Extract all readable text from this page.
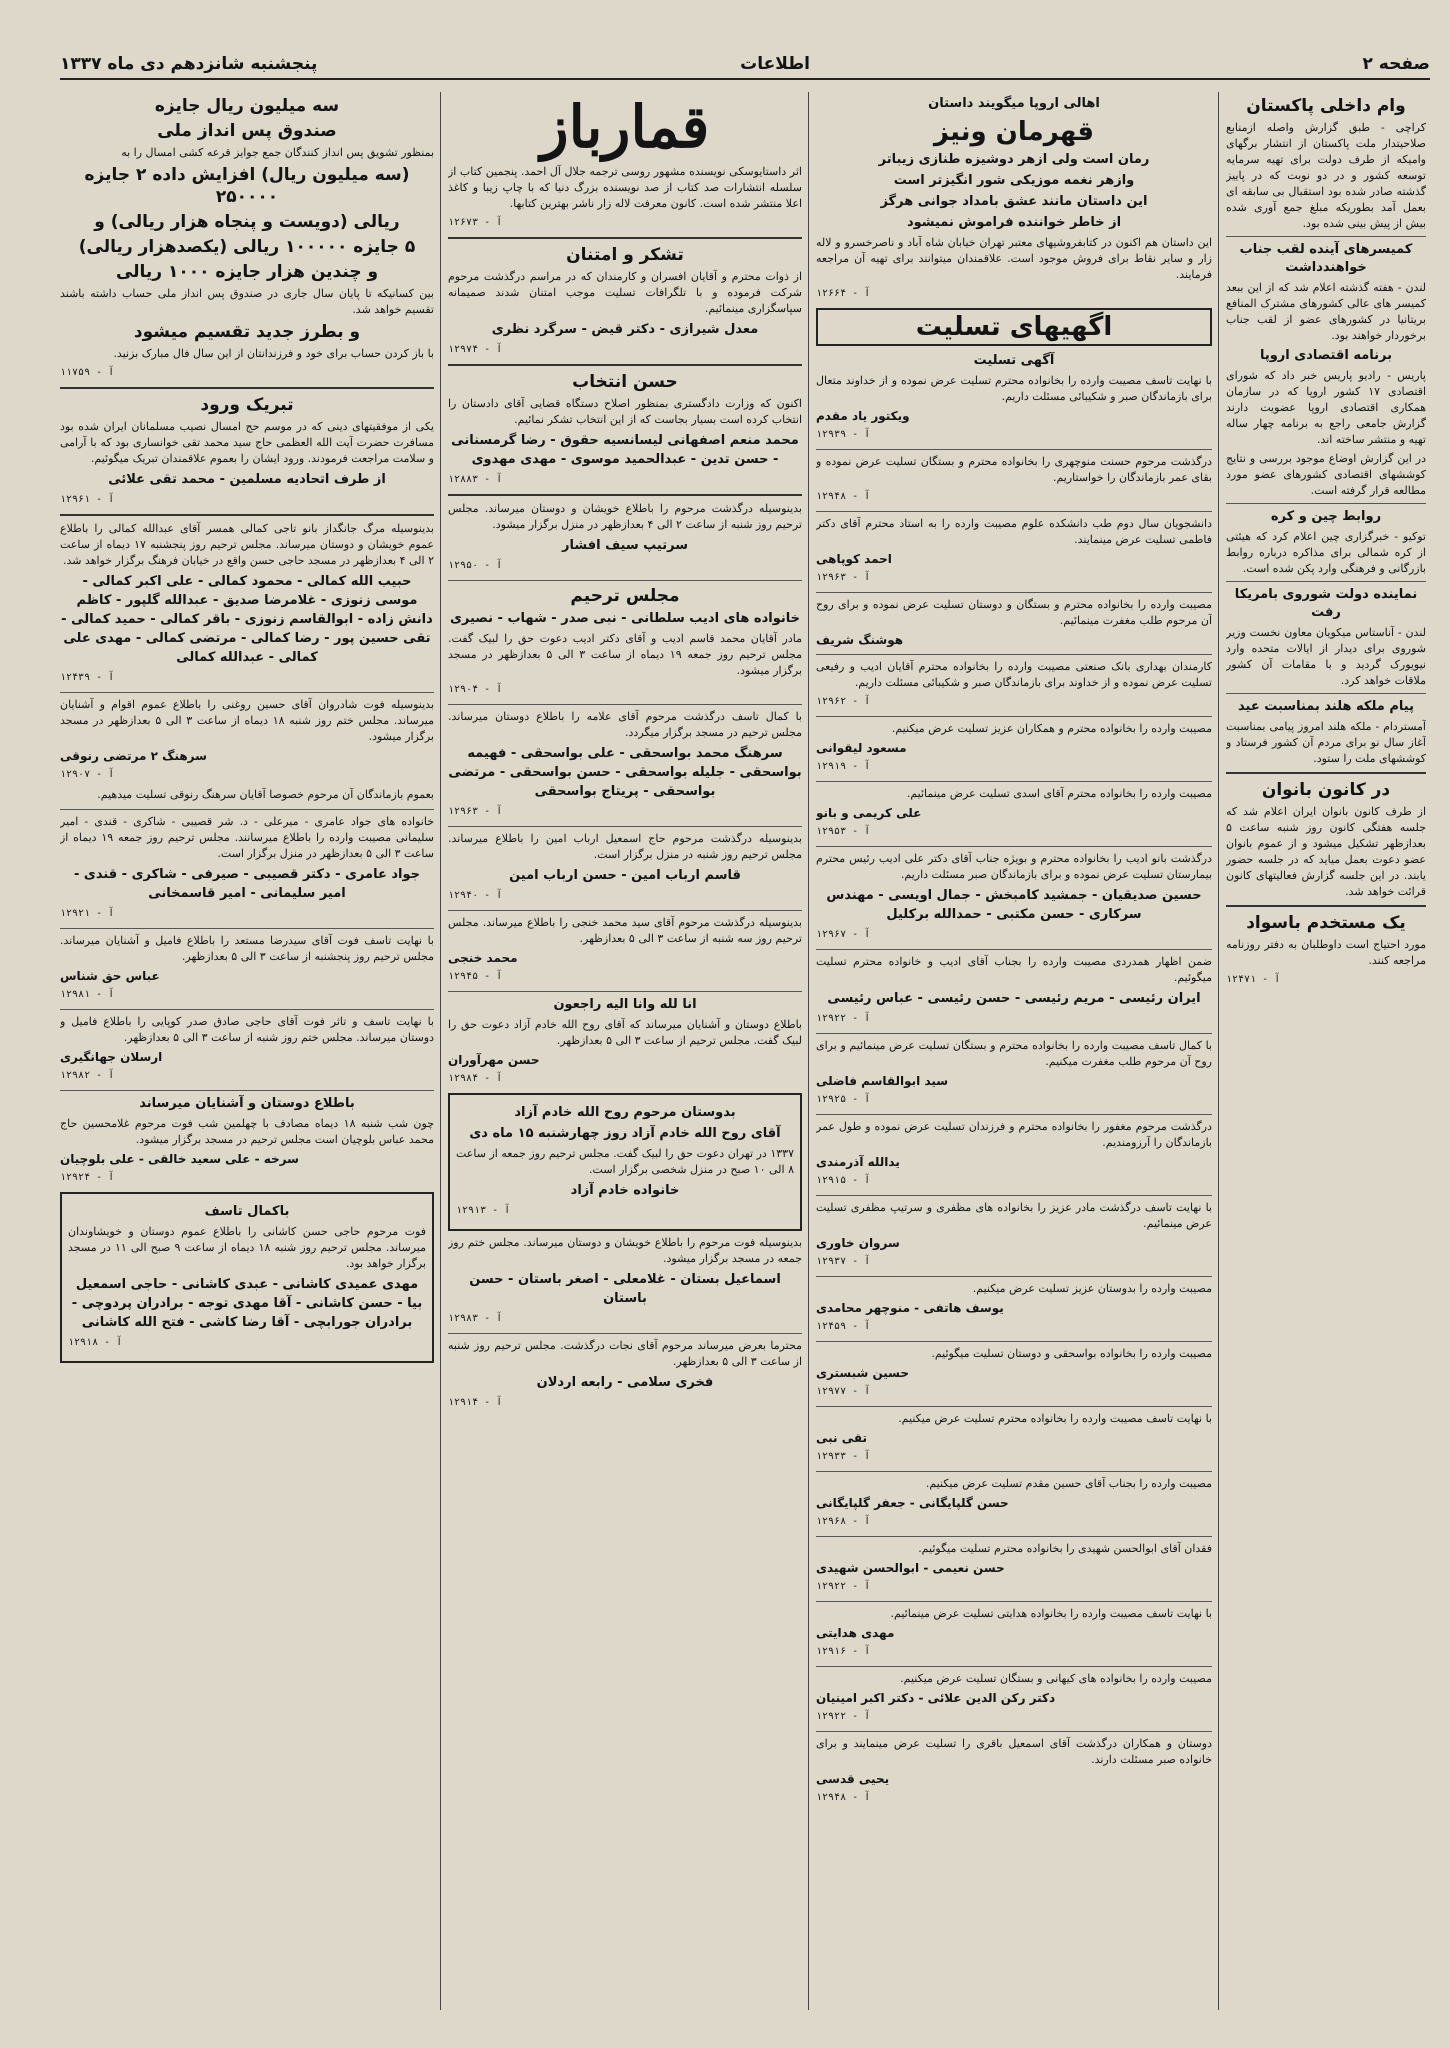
صفحه ۲
اطلاعات
پنجشنبه شانزدهم دی ماه ۱۳۳۷
وام داخلی پاکستان
کراچی - طبق گزارش واصله ازمنابع صلاحیتدار ملت پاکستان از انتشار برگهای وامیکه از طرف دولت برای تهیه سرمایه توسعه کشور و در دو نوبت که در پاییز گذشته صادر شده بود استقبال بی سابقه ای بعمل آمد بطوریکه مبلغ جمع آوری شده بیش از پیش بینی شده بود.
کمیسرهای آینده لقب جناب خواهندداشت
لندن - هفته گذشته اعلام شد که از این ببعد کمیسر های عالی کشورهای مشترک المنافع بریتانیا در کشورهای عضو از لقب جناب برخوردار خواهند بود.
برنامه اقتصادی اروپا
پاریس - رادیو پاریس خبر داد که شورای اقتصادی ۱۷ کشور اروپا که در سازمان همکاری اقتصادی اروپا عضویت دارند گزارش جامعی راجع به برنامه چهار ساله تهیه و منتشر ساخته اند.
در این گزارش اوضاع موجود بررسی و نتایج کوششهای اقتصادی کشورهای عضو مورد مطالعه قرار گرفته است.
روابط چین و کره
توکیو - خبرگزاری چین اعلام کرد که هیئتی از کره شمالی برای مذاکره درباره روابط بازرگانی و فرهنگی وارد پکن شده است.
نماینده دولت شوروی بامریکا رفت
لندن - آناستاس میکویان معاون نخست وزیر شوروی برای دیدار از ایالات متحده وارد نیویورک گردید و با مقامات آن کشور ملاقات خواهد کرد.
پیام ملکه هلند بمناسبت عید
آمستردام - ملکه هلند امروز پیامی بمناسبت آغاز سال نو برای مردم آن کشور فرستاد و کوششهای ملت را ستود.
در کانون بانوان
از طرف کانون بانوان ایران اعلام شد که جلسه هفتگی کانون روز شنبه ساعت ۵ بعدازظهر تشکیل میشود و از عموم بانوان عضو دعوت بعمل میاید که در جلسه حضور یابند. در این جلسه گزارش فعالیتهای کانون قرائت خواهد شد.
یک مستخدم باسواد
مورد احتیاج است داوطلبان به دفتر روزنامه مراجعه کنند.
۱۲۴۷۱ - آ
اهالی اروپا میگویند داستان
قهرمان ونیز
رمان است ولی ازهر دوشیزه طنازی زیباتر
وازهر نغمه موزیکی شور انگیزتر است
این داستان مانند عشق بامداد جوانی هرگز
از خاطر خواننده فراموش نمیشود
این داستان هم اکنون در کتابفروشیهای معتبر تهران خیابان شاه آباد و ناصرخسرو و لاله زار و سایر نقاط برای فروش موجود است. علاقمندان میتوانند برای تهیه آن مراجعه فرمایند.
۱۲۶۶۴ - آ
اگهیهای تسلیت
آگهی تسلیت
با نهایت تاسف مصیبت وارده را بخانواده محترم تسلیت عرض نموده و از خداوند متعال برای بازماندگان صبر و شکیبائی مسئلت داریم.
ویکتور یاد مقدم
۱۲۹۳۹ - آ
درگذشت مرحوم حسنت منوچهری را بخانواده محترم و بستگان تسلیت عرض نموده و بقای عمر بازماندگان را خواستاریم.
۱۲۹۴۸ - آ
دانشجویان سال دوم طب دانشکده علوم مصیبت وارده را به استاد محترم آقای دکتر فاطمی تسلیت عرض مینمایند.
احمد کوپاهی
۱۲۹۶۳ - آ
مصیبت وارده را بخانواده محترم و بستگان و دوستان تسلیت عرض نموده و برای روح آن مرحوم طلب مغفرت مینمائیم.
هوشنگ شریف
کارمندان بهداری بانک صنعتی مصیبت وارده را بخانواده محترم آقایان ادیب و رفیعی تسلیت عرض نموده و از خداوند برای بازماندگان صبر و شکیبائی مسئلت داریم.
۱۲۹۶۲ - آ
مصیبت وارده را بخانواده محترم و همکاران عزیز تسلیت عرض میکنیم.
مسعود لیقوانی
۱۲۹۱۹ - آ
مصیبت وارده را بخانواده محترم آقای اسدی تسلیت عرض مینمائیم.
علی کریمی و بانو
۱۲۹۵۳ - آ
درگذشت بانو ادیب را بخانواده محترم و بویژه جناب آقای دکتر علی ادیب رئیس محترم بیمارستان تسلیت عرض نموده و برای بازماندگان صبر مسئلت داریم.
حسین صدیقیان - جمشید کامبخش - جمال اویسی - مهندس سرکاری - حسن مکتبی - حمدالله برکلیل
۱۲۹۶۷ - آ
ضمن اظهار همدردی مصیبت وارده را بجناب آقای ادیب و خانواده محترم تسلیت میگوئیم.
ایران رئیسی - مریم رئیسی - حسن رئیسی - عباس رئیسی
۱۲۹۲۲ - آ
با کمال تاسف مصیبت وارده را بخانواده محترم و بستگان تسلیت عرض مینمائیم و برای روح آن مرحوم طلب مغفرت میکنیم.
سید ابوالقاسم فاضلی
۱۲۹۲۵ - آ
درگذشت مرحوم مغفور را بخانواده محترم و فرزندان تسلیت عرض نموده و طول عمر بازماندگان را آرزومندیم.
یدالله آذرمندی
۱۲۹۱۵ - آ
با نهایت تاسف درگذشت مادر عزیز را بخانواده های مظفری و سرتیپ مظفری تسلیت عرض مینمائیم.
سروان خاوری
۱۲۹۳۷ - آ
مصیبت وارده را بدوستان عزیز تسلیت عرض میکنیم.
یوسف هاتفی - منوچهر محامدی
۱۲۴۵۹ - آ
مصیبت وارده را بخانواده بواسحقی و دوستان تسلیت میگوئیم.
حسین شبستری
۱۲۹۷۷ - آ
با نهایت تاسف مصیبت وارده را بخانواده محترم تسلیت عرض میکنیم.
تقی نبی
۱۲۹۳۳ - آ
مصیبت وارده را بجناب آقای حسین مقدم تسلیت عرض میکنیم.
حسن گلپایگانی - جعفر گلپایگانی
۱۲۹۶۸ - آ
فقدان آقای ابوالحسن شهیدی را بخانواده محترم تسلیت میگوئیم.
حسن نعیمی - ابوالحسن شهیدی
۱۲۹۲۲ - آ
با نهایت تاسف مصیبت وارده را بخانواده هدایتی تسلیت عرض مینمائیم.
مهدی هدایتی
۱۲۹۱۶ - آ
مصیبت وارده را بخانواده های کیهانی و بستگان تسلیت عرض میکنیم.
دکتر رکن الدین علائی - دکتر اکبر امینیان
۱۲۹۲۲ - آ
دوستان و همکاران درگذشت آقای اسمعیل باقری را تسلیت عرض مینمایند و برای خانواده صبر مسئلت دارند.
یحیی قدسی
۱۲۹۴۸ - آ
قمارباز
اثر داستایوسکی نویسنده مشهور روسی ترجمه جلال آل احمد. پنجمین کتاب از سلسله انتشارات صد کتاب از صد نویسنده بزرگ دنیا که با چاپ زیبا و کاغذ اعلا منتشر شده است. کانون معرفت لاله زار ناشر بهترین کتابها.
۱۲۶۷۳ - آ
تشکر و امتنان
از ذوات محترم و آقایان افسران و کارمندان که در مراسم درگذشت مرحوم شرکت فرموده و با تلگرافات تسلیت موجب امتنان شدند صمیمانه سپاسگزاری مینمائیم.
معدل شیرازی - دکتر قیض - سرگرد نظری
۱۲۹۷۴ - آ
حسن انتخاب
اکنون که وزارت دادگستری بمنظور اصلاح دستگاه قضایی آقای دادستان را انتخاب کرده است بسیار بجاست که از این انتخاب تشکر نمائیم.
محمد منعم اصفهانی لیسانسیه حقوق - رضا گرمسنانی - حسن تدین - عبدالحمید موسوی - مهدی مهدوی
۱۲۸۸۳ - آ
بدینوسیله درگذشت مرحوم را باطلاع خویشان و دوستان میرساند. مجلس ترحیم روز شنبه از ساعت ۲ الی ۴ بعدازظهر در منزل برگزار میشود.
سرتیپ سیف افشار
۱۲۹۵۰ - آ
مجلس ترحیم
خانواده های ادیب سلطانی - نبی صدر - شهاب - نصیری
مادر آقایان محمد قاسم ادیب و آقای دکتر ادیب دعوت حق را لبیک گفت. مجلس ترحیم روز جمعه ۱۹ دیماه از ساعت ۳ الی ۵ بعدازظهر در مسجد برگزار میشود.
۱۲۹۰۴ - آ
با کمال تاسف درگذشت مرحوم آقای علامه را باطلاع دوستان میرساند. مجلس ترحیم در مسجد برگزار میگردد.
سرهنگ محمد بواسحقی - علی بواسحقی - فهیمه بواسحقی - جلیله بواسحقی - حسن بواسحقی - مرتضی بواسحقی - پریتاج بواسحقی
۱۲۹۶۳ - آ
بدینوسیله درگذشت مرحوم حاج اسمعیل ارباب امین را باطلاع میرساند. مجلس ترحیم روز شنبه در منزل برگزار است.
قاسم ارباب امین - حسن ارباب امین
۱۲۹۴۰ - آ
بدینوسیله درگذشت مرحوم آقای سید محمد خنجی را باطلاع میرساند. مجلس ترحیم روز سه شنبه از ساعت ۳ الی ۵ بعدازظهر.
محمد خنجی
۱۲۹۴۵ - آ
انا لله وانا الیه راجعون
باطلاع دوستان و آشنایان میرساند که آقای روح الله خادم آزاد دعوت حق را لبیک گفت. مجلس ترحیم از ساعت ۳ الی ۵ بعدازظهر.
حسن مهرآوران
۱۲۹۸۴ - آ
بدوستان مرحوم روح الله خادم آزاد
آقای روح الله خادم آزاد روز چهارشنبه ۱۵ ماه دی
۱۳۳۷ در تهران دعوت حق را لبیک گفت. مجلس ترحیم روز جمعه از ساعت ۸ الی ۱۰ صبح در منزل شخصی برگزار است.
خانواده خادم آزاد
۱۲۹۱۳ - آ
بدینوسیله فوت مرحوم را باطلاع خویشان و دوستان میرساند. مجلس ختم روز جمعه در مسجد برگزار میشود.
اسماعیل بستان - غلامعلی - اصغر باستان - حسن باستان
۱۲۹۸۳ - آ
محترما بعرض میرساند مرحوم آقای نجات درگذشت. مجلس ترحیم روز شنبه از ساعت ۳ الی ۵ بعدازظهر.
فخری سلامی - رابعه اردلان
۱۲۹۱۴ - آ
سه میلیون ریال جایزه
صندوق پس انداز ملی
بمنظور تشویق پس انداز کنندگان جمع جوایز قرعه کشی امسال را به
(سه میلیون ریال) افزایش داده ۲ جایزه ۲۵۰۰۰۰
ریالی (دویست و پنجاه هزار ریالی) و
۵ جایزه ۱۰۰۰۰۰ ریالی (یکصدهزار ریالی)
و چندین هزار جایزه ۱۰۰۰ ریالی
بین کسانیکه تا پایان سال جاری در صندوق پس انداز ملی حساب داشته باشند تقسیم خواهد شد.
و بطرز جدید تقسیم میشود
با باز کردن حساب برای خود و فرزندانتان از این سال فال مبارک بزنید.
۱۱۷۵۹ - آ
تبریک ورود
یکی از موفقیتهای دینی که در موسم حج امسال نصیب مسلمانان ایران شده بود مسافرت حضرت آیت الله العظمی حاج سید محمد تقی خوانساری بود که با آرامی و سلامت مراجعت فرمودند. ورود ایشان را بعموم علاقمندان تبریک میگوئیم.
از طرف اتحادیه مسلمین - محمد تقی علائی
۱۲۹۶۱ - آ
بدینوسیله مرگ جانگداز بانو تاجی کمالی همسر آقای عبدالله کمالی را باطلاع عموم خویشان و دوستان میرساند. مجلس ترحیم روز پنجشنبه ۱۷ دیماه از ساعت ۲ الی ۴ بعدازظهر در مسجد حاجی حسن واقع در خیابان فرهنگ برگزار خواهد شد.
حبیب الله کمالی - محمود کمالی - علی اکبر کمالی - موسی زنوزی - غلامرضا صدیق - عبدالله گلپور - کاظم دانش زاده - ابوالقاسم زنوزی - باقر کمالی - حمید کمالی - تقی حسین پور - رضا کمالی - مرتضی کمالی - مهدی علی کمالی - عبدالله کمالی
۱۲۴۳۹ - آ
بدینوسیله فوت شادروان آقای حسین روغنی را باطلاع عموم اقوام و آشنایان میرساند. مجلس ختم روز شنبه ۱۸ دیماه از ساعت ۳ الی ۵ بعدازظهر در مسجد برگزار میشود.
سرهنگ ۲ مرتضی رنوقی
۱۲۹۰۷ - آ
بعموم بازماندگان آن مرحوم خصوصا آقایان سرهنگ رنوقی تسلیت میدهیم.
خانواده های جواد عامری - میرعلی - د. شر قصیبی - شاکری - قندی - امیر سلیمانی مصیبت وارده را باطلاع میرسانند. مجلس ترحیم روز جمعه ۱۹ دیماه از ساعت ۳ الی ۵ بعدازظهر در منزل برگزار است.
جواد عامری - دکتر قصیبی - صیرفی - شاکری - قندی - امیر سلیمانی - امیر قاسمخانی
۱۲۹۲۱ - آ
با نهایت تاسف فوت آقای سیدرضا مستعد را باطلاع فامیل و آشنایان میرساند. مجلس ترحیم روز پنجشنبه از ساعت ۳ الی ۵ بعدازظهر.
عباس حق شناس
۱۲۹۸۱ - آ
با نهایت تاسف و تاثر فوت آقای حاجی صادق صدر کوپایی را باطلاع فامیل و دوستان میرساند. مجلس ختم روز شنبه از ساعت ۳ الی ۵ بعدازظهر.
ارسلان جهانگیری
۱۲۹۸۲ - آ
باطلاع دوستان و آشنایان میرساند
چون شب شنبه ۱۸ دیماه مصادف با چهلمین شب فوت مرحوم غلامحسین حاج محمد عباس بلوچیان است مجلس ترحیم در مسجد برگزار میشود.
سرخه - علی سعید خالقی - علی بلوچیان
۱۲۹۲۴ - آ
باکمال تاسف
فوت مرحوم حاجی حسن کاشانی را باطلاع عموم دوستان و خویشاوندان میرساند. مجلس ترحیم روز شنبه ۱۸ دیماه از ساعت ۹ صبح الی ۱۱ در مسجد برگزار خواهد بود.
مهدی عمیدی کاشانی - عبدی کاشانی - حاجی اسمعیل بیا - حسن کاشانی - آقا مهدی توجه - برادران پردوچی - برادران جورابچی - آقا رضا کاشی - فتح الله کاشانی
۱۲۹۱۸ - آ
